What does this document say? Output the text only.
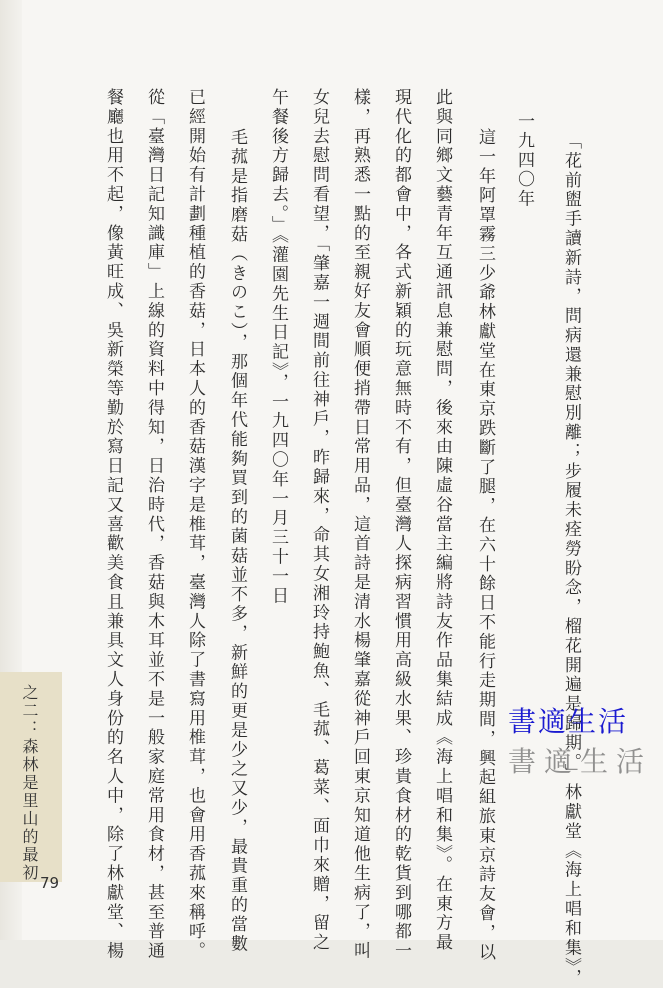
「花前盥手讀新詩，問病還兼慰別離；步履未痊勞盼念，榴花開遍是歸期。」林獻堂《海上唱和集》，
一九四〇年
這一年阿罩霧三少爺林獻堂在東京跌斷了腿，在六十餘日不能行走期間，興起組旅東京詩友會，以
此與同鄉文藝青年互通訊息兼慰問，後來由陳虛谷當主編將詩友作品集結成《海上唱和集》。在東方最
現代化的都會中，各式新穎的玩意無時不有，但臺灣人探病習慣用高級水果、珍貴食材的乾貨到哪都一
樣，再熟悉一點的至親好友會順便捎帶日常用品，這首詩是清水楊肇嘉從神戶回東京知道他生病了，叫
女兒去慰問看望，「肇嘉一週間前往神戶，昨歸來，命其女湘玲持鮑魚、毛菰、葛菜、面巾來贈，留之
午餐後方歸去。」《灌園先生日記》，一九四〇年一月三十一日
毛菰是指磨菇（きのこ），那個年代能夠買到的菌菇並不多，新鮮的更是少之又少，最貴重的當數
已經開始有計劃種植的香菇，日本人的香菇漢字是椎茸，臺灣人除了書寫用椎茸，也會用香菰來稱呼。
從「臺灣日記知識庫」上線的資料中得知，日治時代，香菇與木耳並不是一般家庭常用食材，甚至普通
餐廳也用不起，像黃旺成、吳新榮等勤於寫日記又喜歡美食且兼具文人身份的名人中，除了林獻堂、楊
之二：森林是里山的最初
79
書適生活
書適生活
